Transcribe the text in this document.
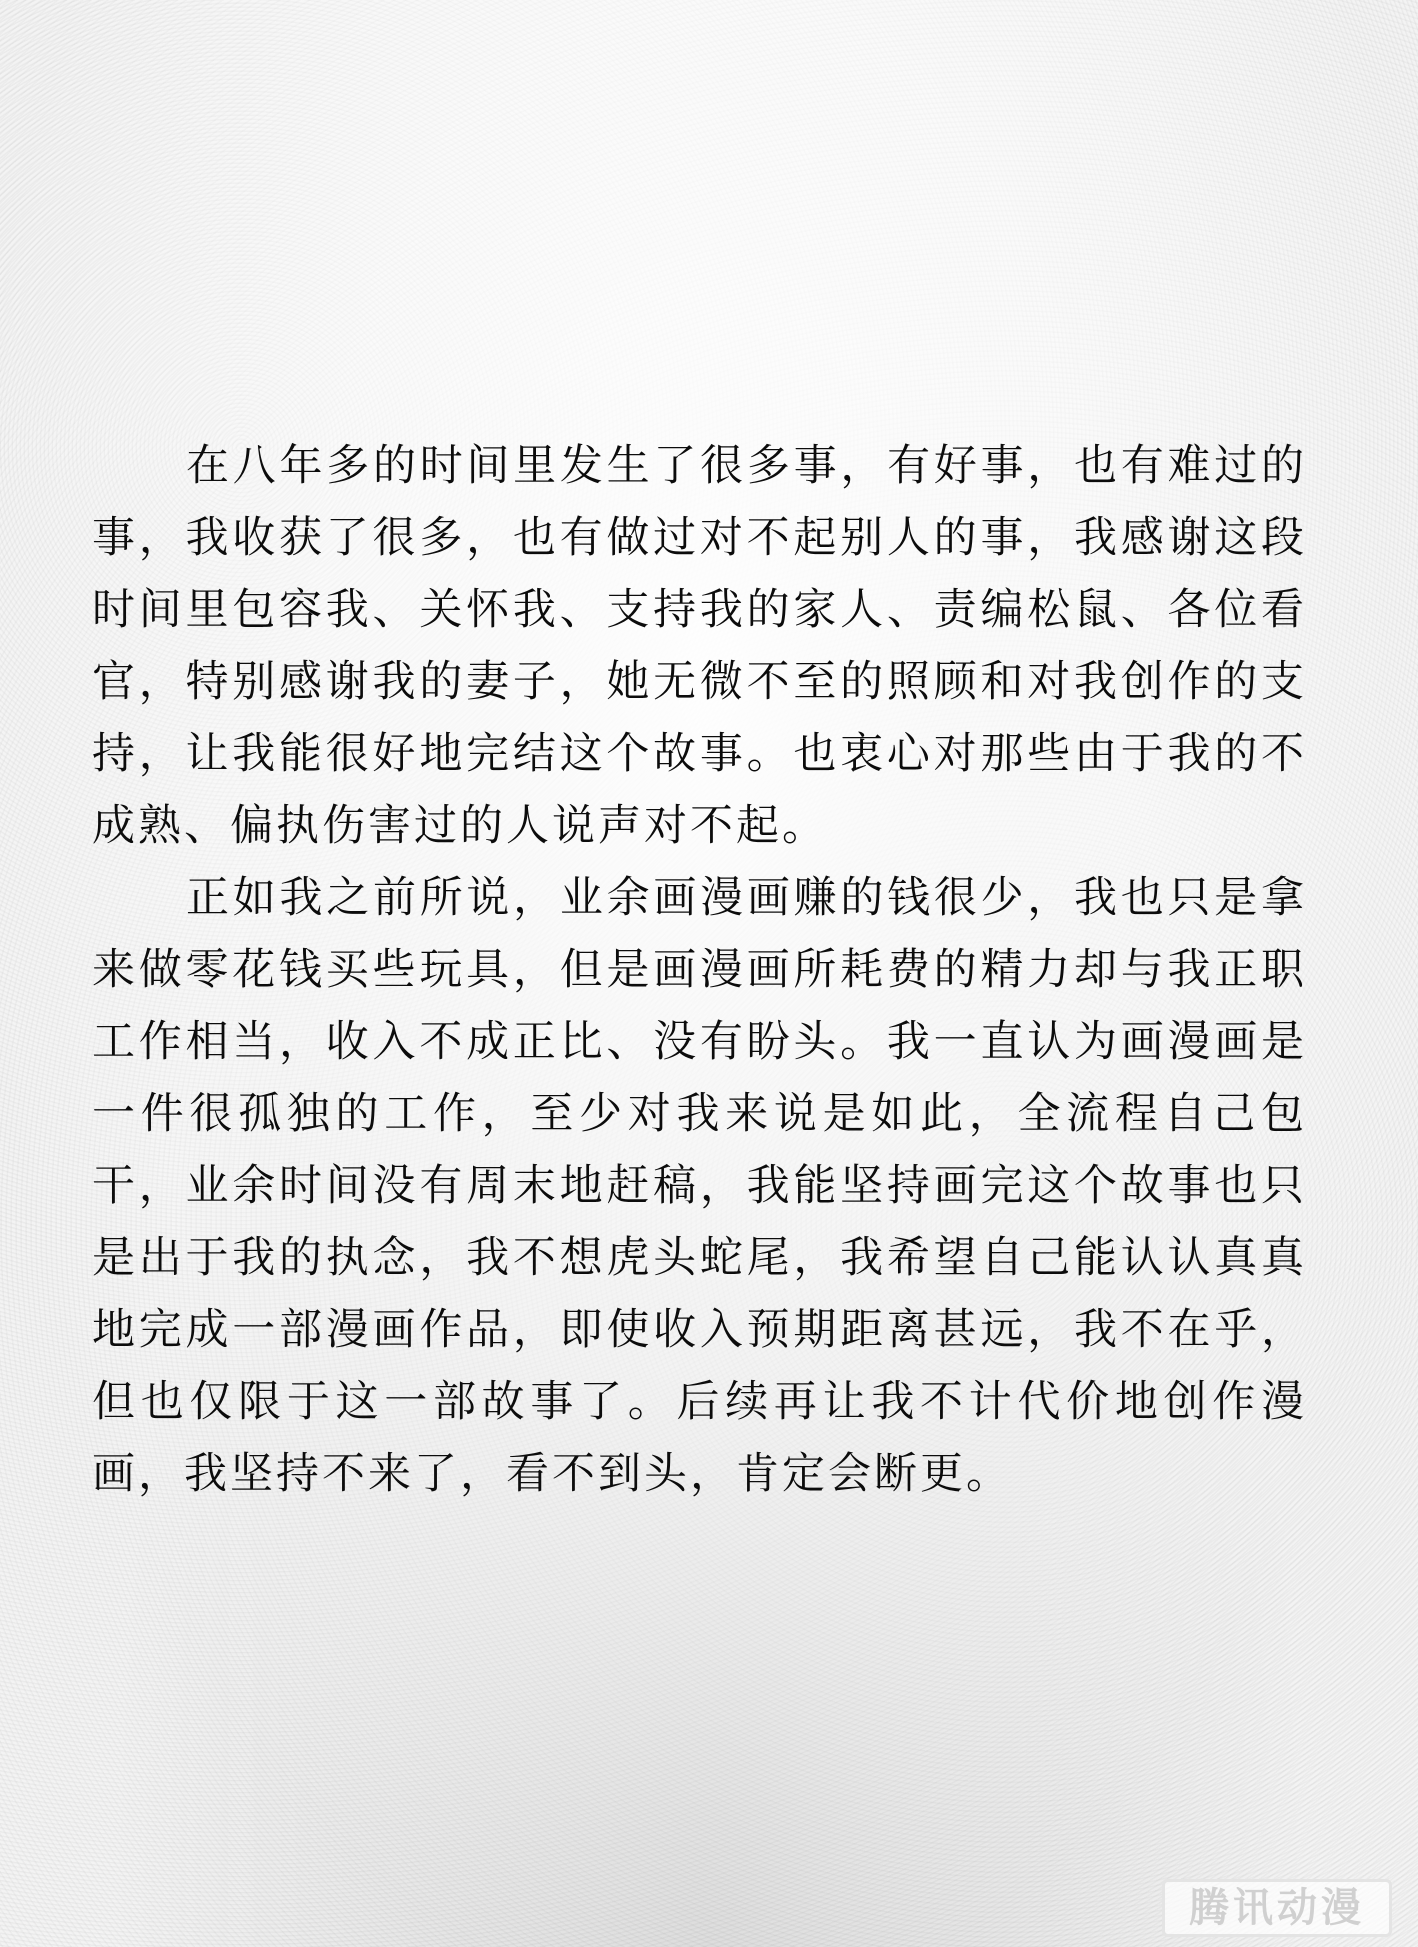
在八年多的时间里发生了很多事，有好事，也有难过的事，我收获了很多，也有做过对不起别人的事，我感谢这段时间里包容我、关怀我、支持我的家人、责编松鼠、各位看官，特别感谢我的妻子，她无微不至的照顾和对我创作的支持，让我能很好地完结这个故事。也衷心对那些由于我的不成熟、偏执伤害过的人说声对不起。

正如我之前所说，业余画漫画赚的钱很少，我也只是拿来做零花钱买些玩具，但是画漫画所耗费的精力却与我正职工作相当，收入不成正比、没有盼头。我一直认为画漫画是一件很孤独的工作，至少对我来说是如此，全流程自己包干，业余时间没有周末地赶稿，我能坚持画完这个故事也只是出于我的执念，我不想虎头蛇尾，我希望自己能认认真真地完成一部漫画作品，即使收入预期距离甚远，我不在乎，但也仅限于这一部故事了。后续再让我不计代价地创作漫画，我坚持不来了，看不到头，肯定会断更。

腾讯动漫
